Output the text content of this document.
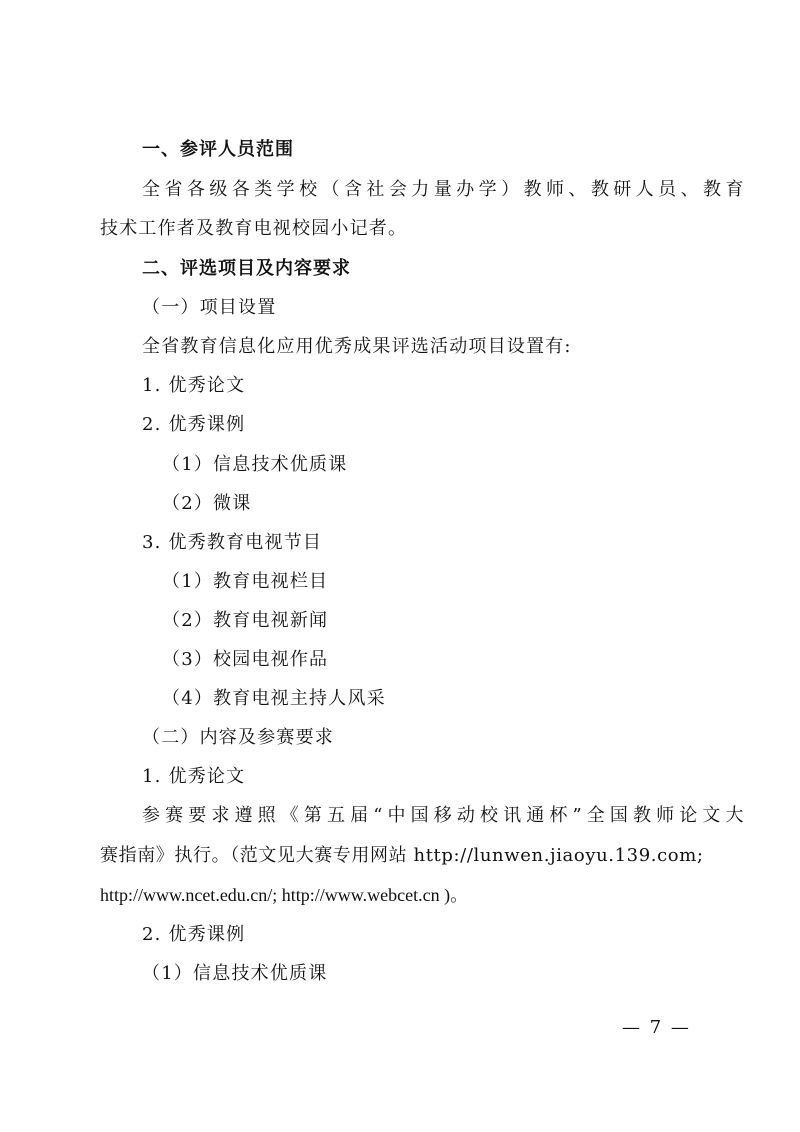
一、参评人员范围
全省各级各类学校（含社会力量办学）教师、教研人员、教育
技术工作者及教育电视校园小记者。
二、评选项目及内容要求
（一）项目设置
全省教育信息化应用优秀成果评选活动项目设置有:
1. 优秀论文
2. 优秀课例
（1）信息技术优质课
（2）微课
3. 优秀教育电视节目
（1）教育电视栏目
（2）教育电视新闻
（3）校园电视作品
（4）教育电视主持人风采
（二）内容及参赛要求
1. 优秀论文
参赛要求遵照《第五届“中国移动校讯通杯”全国教师论文大
赛指南》执行。（范文见大赛专用网站 http://lunwen.jiaoyu.139.com;
http://www.ncet.edu.cn/; http://www.webcet.cn )。
2. 优秀课例
（1）信息技术优质课
— 7 —
